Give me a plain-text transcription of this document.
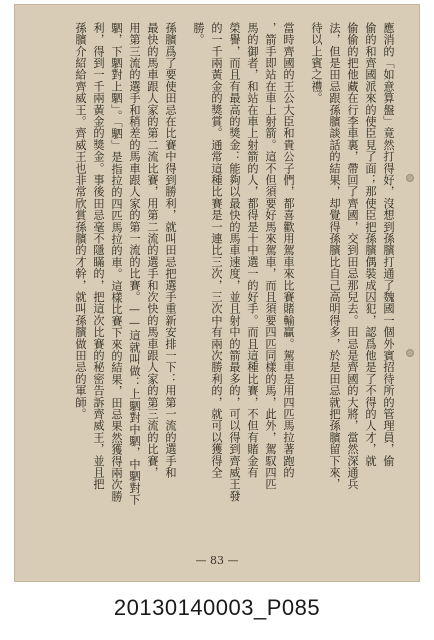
應消的「如意算盤」竟然打得好，沒想到孫臏打通了魏國一個外賓招待所的管理員，偷
偷的和齊國派來的使臣見了面；那使臣把孫臏偶裝成囚犯，認爲他是了不得的人才，就
偷偷的把他藏在行李車裏，帶回了齊國，交到田忌那兒去。田忌是齊國的大將，當然深通兵
法，但是田忌跟孫臏談話的結果，却覺得孫臏比自己高明得多，於是田忌就把孫臏留下來，
待以上賓之禮。
當時齊國的王公大臣和貴公子們，都喜歡用駕車來比賽賭輸贏。駕車是用四匹馬拉著跑的
，箭手即站在車上射箭。這不但須要好馬來駕車，而且須要四匹同樣的馬，此外，駕馭四匹
馬的御者，和站在車上射箭的人，都得是十中選一的好手。而且這種比賽，不但有賭金有
榮譽，而且有最高的獎金：能夠以最快的馬車速度，並且射中的箭最多的，可以得到齊威王發
的一千兩黃金的獎賞。通常這種比賽是一連比三次，三次中有兩次勝利的，就可以獲得全
勝。
孫臏爲了要使田忌在比賽中得到勝利，就叫田忌把選手重新安排一下：用第一流的選手和
最快的馬車跟人家的第二流比賽，用第二流的選手和次快的馬車跟人家的第三流的比賽，
用第三流的選手和稍差的馬車跟人家的第一流的比賽。——這就叫做：上駟對中駟，中駟對下
駟，下駟對上駟」。「駟」是指拉的四匹馬拉的車。這樣比賽下來的結果，田忌果然獲得兩次勝
利，得到一千兩黃金的獎金。事後田忌毫不隱瞞的，把這次比賽的秘密告訴齊威王，並且把
孫臏介紹給齊威王。齊威王也非常欣賞孫臏的才幹，就叫孫臏做田忌的軍師。
— 83 —
20130140003_P085
